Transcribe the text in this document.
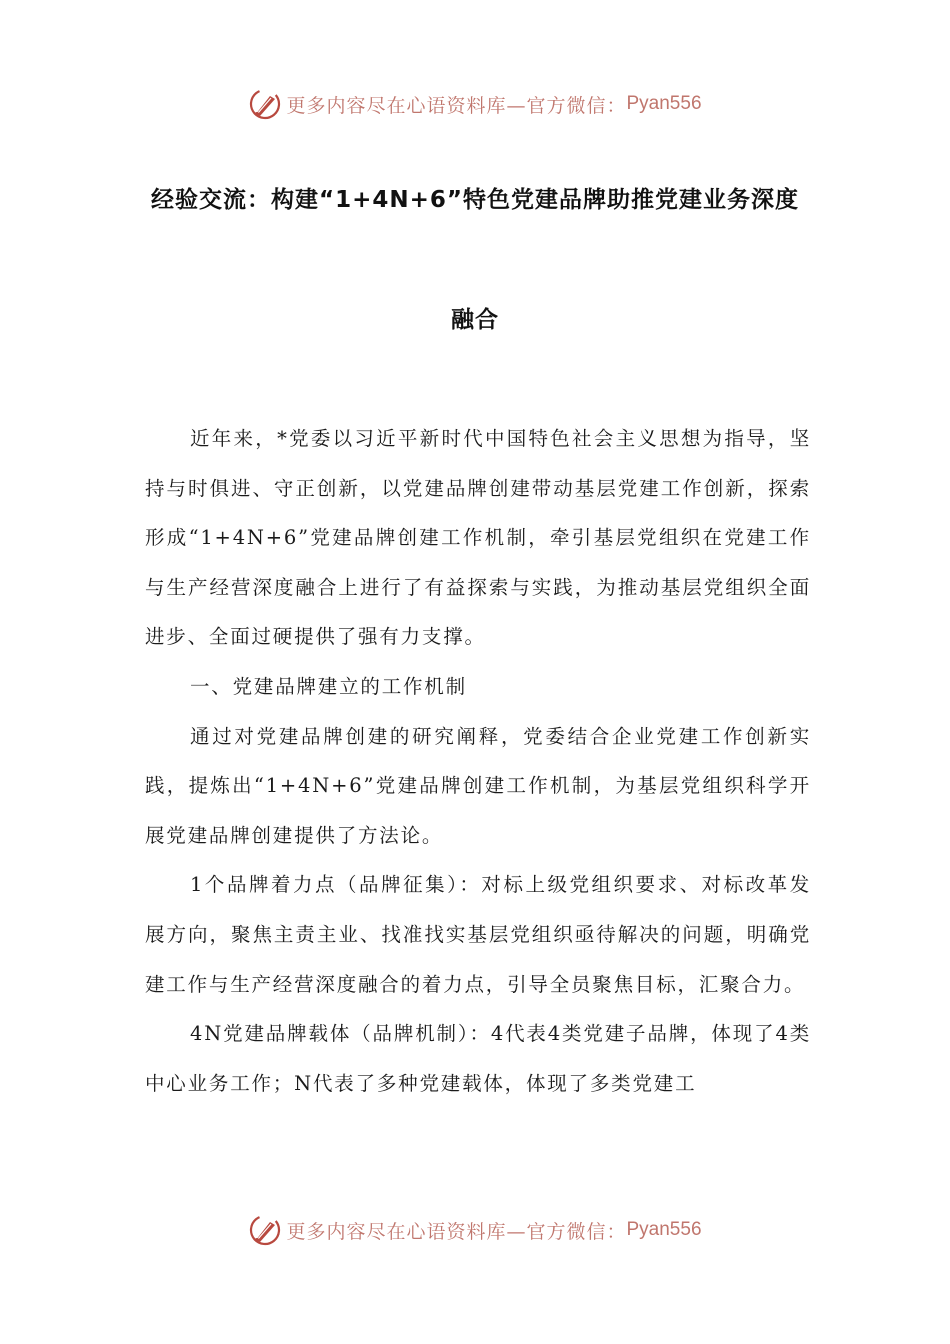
更多内容尽在心语资料库—官方微信： Pyan556
经验交流：构建“1+4N+6”特色党建品牌助推党建业务深度
融合

近年来，*党委以习近平新时代中国特色社会主义思想为指导，坚持与时俱进、守正创新，以党建品牌创建带动基层党建工作创新，探索形成“1+4N+6”党建品牌创建工作机制，牵引基层党组织在党建工作与生产经营深度融合上进行了有益探索与实践，为推动基层党组织全面进步、全面过硬提供了强有力支撑。

一、党建品牌建立的工作机制

通过对党建品牌创建的研究阐释，党委结合企业党建工作创新实践，提炼出“1+4N+6”党建品牌创建工作机制，为基层党组织科学开展党建品牌创建提供了方法论。

1个品牌着力点（品牌征集）：对标上级党组织要求、对标改革发展方向，聚焦主责主业、找准找实基层党组织亟待解决的问题，明确党建工作与生产经营深度融合的着力点，引导全员聚焦目标，汇聚合力。

4N党建品牌载体（品牌机制）：4代表4类党建子品牌，体现了4类中心业务工作；N代表了多种党建载体，体现了多类党建工

更多内容尽在心语资料库—官方微信： Pyan556
